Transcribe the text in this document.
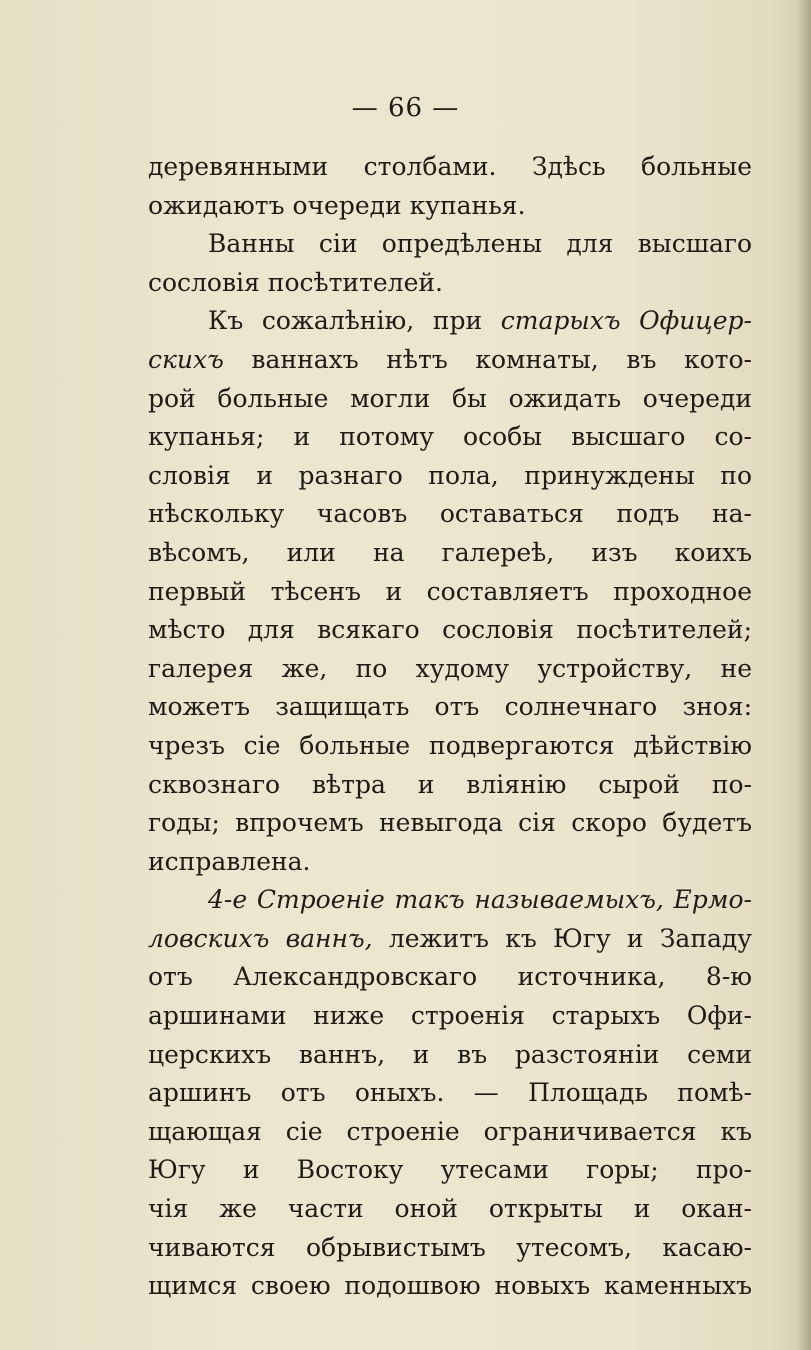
— 66 —
деревянными столбами. Здѣсь больные
ожидаютъ очереди купанья.
Ванны сіи опредѣлены для высшаго
сословія посѣтителей.
Къ сожалѣнію, при старыхъ Офицер-
скихъ ваннахъ нѣтъ комнаты, въ кото-
рой больные могли бы ожидать очереди
купанья; и потому особы высшаго со-
словія и разнаго пола, принуждены по
нѣскольку часовъ оставаться подъ на-
вѣсомъ, или на галереѣ, изъ коихъ
первый тѣсенъ и составляетъ проходное
мѣсто для всякаго сословія посѣтителей;
галерея же, по худому устройству, не
можетъ защищать отъ солнечнаго зноя:
чрезъ сіе больные подвергаются дѣйствію
сквознаго вѣтра и вліянію сырой по-
годы; впрочемъ невыгода сія скоро будетъ
исправлена.
4-е Строеніе такъ называемыхъ, Ермо-
ловскихъ ваннъ, лежитъ къ Югу и Западу
отъ Александровскаго источника, 8-ю
аршинами ниже строенія старыхъ Офи-
церскихъ ваннъ, и въ разстояніи семи
аршинъ отъ оныхъ. — Площадь помѣ-
щающая сіе строеніе ограничивается къ
Югу и Востоку утесами горы; про-
чія же части оной открыты и окан-
чиваются обрывистымъ утесомъ, касаю-
щимся своею подошвою новыхъ каменныхъ
